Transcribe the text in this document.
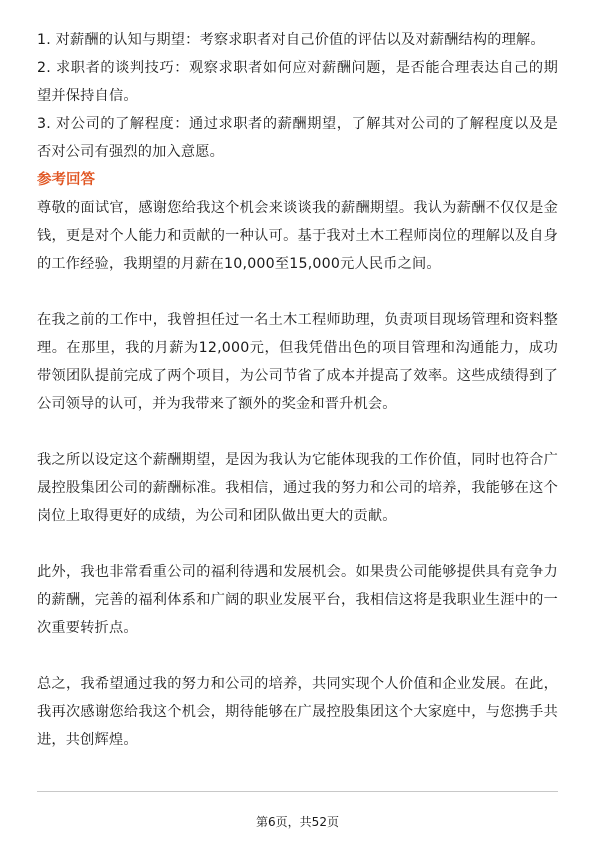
1. 对薪酬的认知与期望：考察求职者对自己价值的评估以及对薪酬结构的理解。

2. 求职者的谈判技巧：观察求职者如何应对薪酬问题，是否能合理表达自己的期望并保持自信。

3. 对公司的了解程度：通过求职者的薪酬期望，了解其对公司的了解程度以及是否对公司有强烈的加入意愿。

参考回答

尊敬的面试官，感谢您给我这个机会来谈谈我的薪酬期望。我认为薪酬不仅仅是金钱，更是对个人能力和贡献的一种认可。基于我对土木工程师岗位的理解以及自身的工作经验，我期望的月薪在10,000至15,000元人民币之间。

在我之前的工作中，我曾担任过一名土木工程师助理，负责项目现场管理和资料整理。在那里，我的月薪为12,000元，但我凭借出色的项目管理和沟通能力，成功带领团队提前完成了两个项目，为公司节省了成本并提高了效率。这些成绩得到了公司领导的认可，并为我带来了额外的奖金和晋升机会。

我之所以设定这个薪酬期望，是因为我认为它能体现我的工作价值，同时也符合广晟控股集团公司的薪酬标准。我相信，通过我的努力和公司的培养，我能够在这个岗位上取得更好的成绩，为公司和团队做出更大的贡献。

此外，我也非常看重公司的福利待遇和发展机会。如果贵公司能够提供具有竞争力的薪酬，完善的福利体系和广阔的职业发展平台，我相信这将是我职业生涯中的一次重要转折点。

总之，我希望通过我的努力和公司的培养，共同实现个人价值和企业发展。在此，我再次感谢您给我这个机会，期待能够在广晟控股集团这个大家庭中，与您携手共进，共创辉煌。

第6页，共52页
